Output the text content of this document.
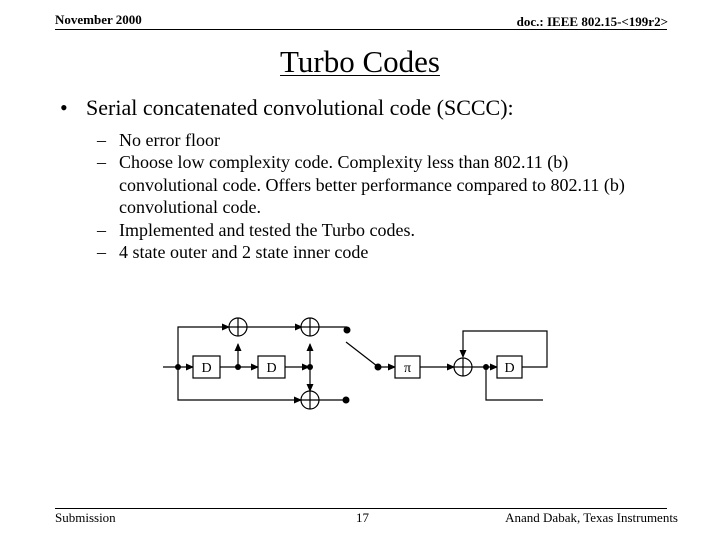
November 2000	doc.: IEEE 802.15-<199r2>
Turbo Codes
• Serial concatenated convolutional code (SCCC):
– No error floor
– Choose low complexity code. Complexity less than 802.11 (b) convolutional code. Offers better performance compared to 802.11 (b) convolutional code.
– Implemented and tested the Turbo codes.
– 4 state outer and 2 state inner code
D	D	π	D
Submission	17	Anand Dabak, Texas Instruments
